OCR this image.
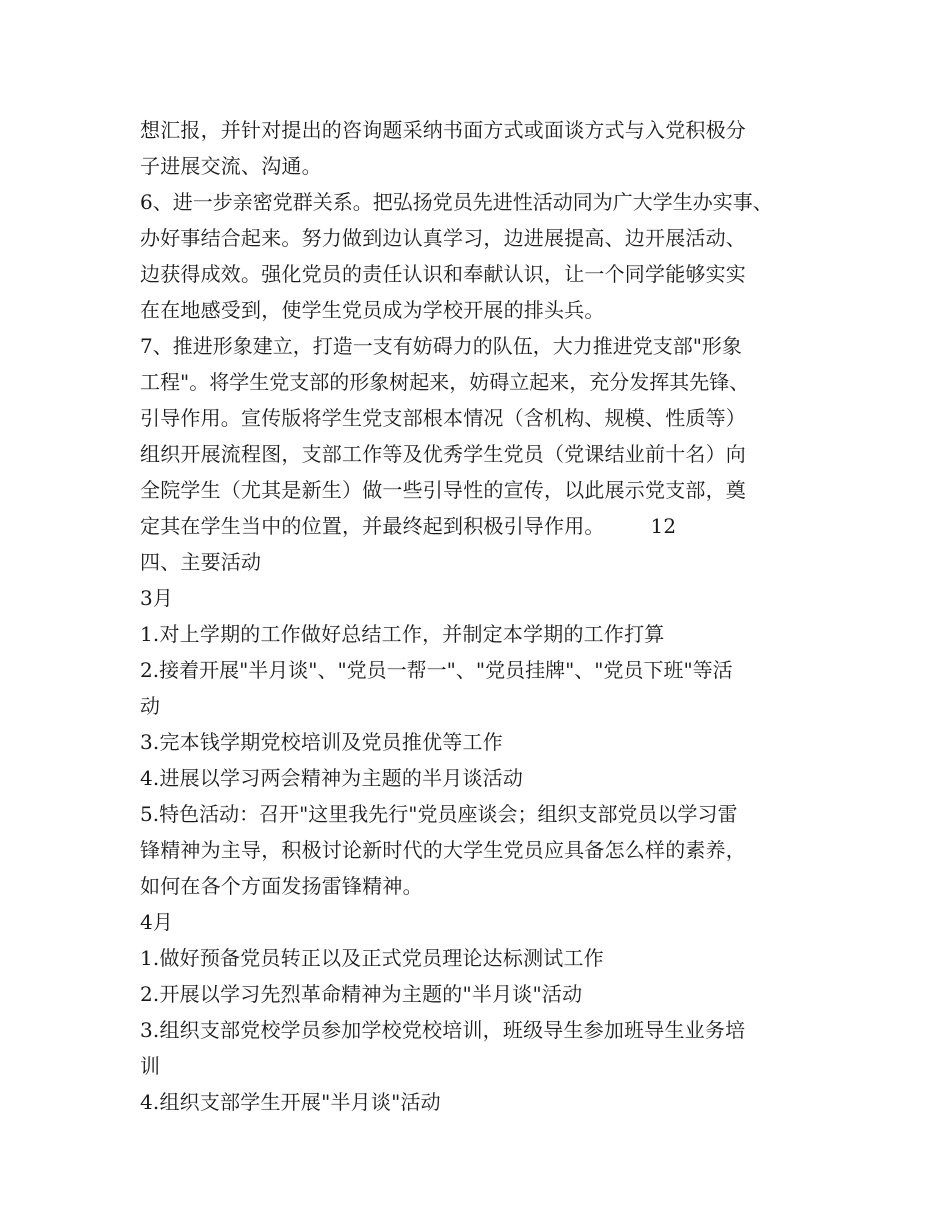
想汇报，并针对提出的咨询题采纳书面方式或面谈方式与入党积极分
子进展交流、沟通。
6、进一步亲密党群关系。把弘扬党员先进性活动同为广大学生办实事、
办好事结合起来。努力做到边认真学习，边进展提高、边开展活动、
边获得成效。强化党员的责任认识和奉献认识，让一个同学能够实实
在在地感受到，使学生党员成为学校开展的排头兵。
7、推进形象建立，打造一支有妨碍力的队伍，大力推进党支部"形象
工程"。将学生党支部的形象树起来，妨碍立起来，充分发挥其先锋、
引导作用。宣传版将学生党支部根本情况（含机构、规模、性质等）
组织开展流程图，支部工作等及优秀学生党员（党课结业前十名）向
全院学生（尤其是新生）做一些引导性的宣传，以此展示党支部，奠
定其在学生当中的位置，并最终起到积极引导作用。       12
四、主要活动
3月
1.对上学期的工作做好总结工作，并制定本学期的工作打算
2.接着开展"半月谈"、"党员一帮一"、"党员挂牌"、"党员下班"等活
动
3.完本钱学期党校培训及党员推优等工作
4.进展以学习两会精神为主题的半月谈活动
5.特色活动：召开"这里我先行"党员座谈会；组织支部党员以学习雷
锋精神为主导，积极讨论新时代的大学生党员应具备怎么样的素养，
如何在各个方面发扬雷锋精神。
4月
1.做好预备党员转正以及正式党员理论达标测试工作
2.开展以学习先烈革命精神为主题的"半月谈"活动
3.组织支部党校学员参加学校党校培训，班级导生参加班导生业务培
训
4.组织支部学生开展"半月谈"活动
